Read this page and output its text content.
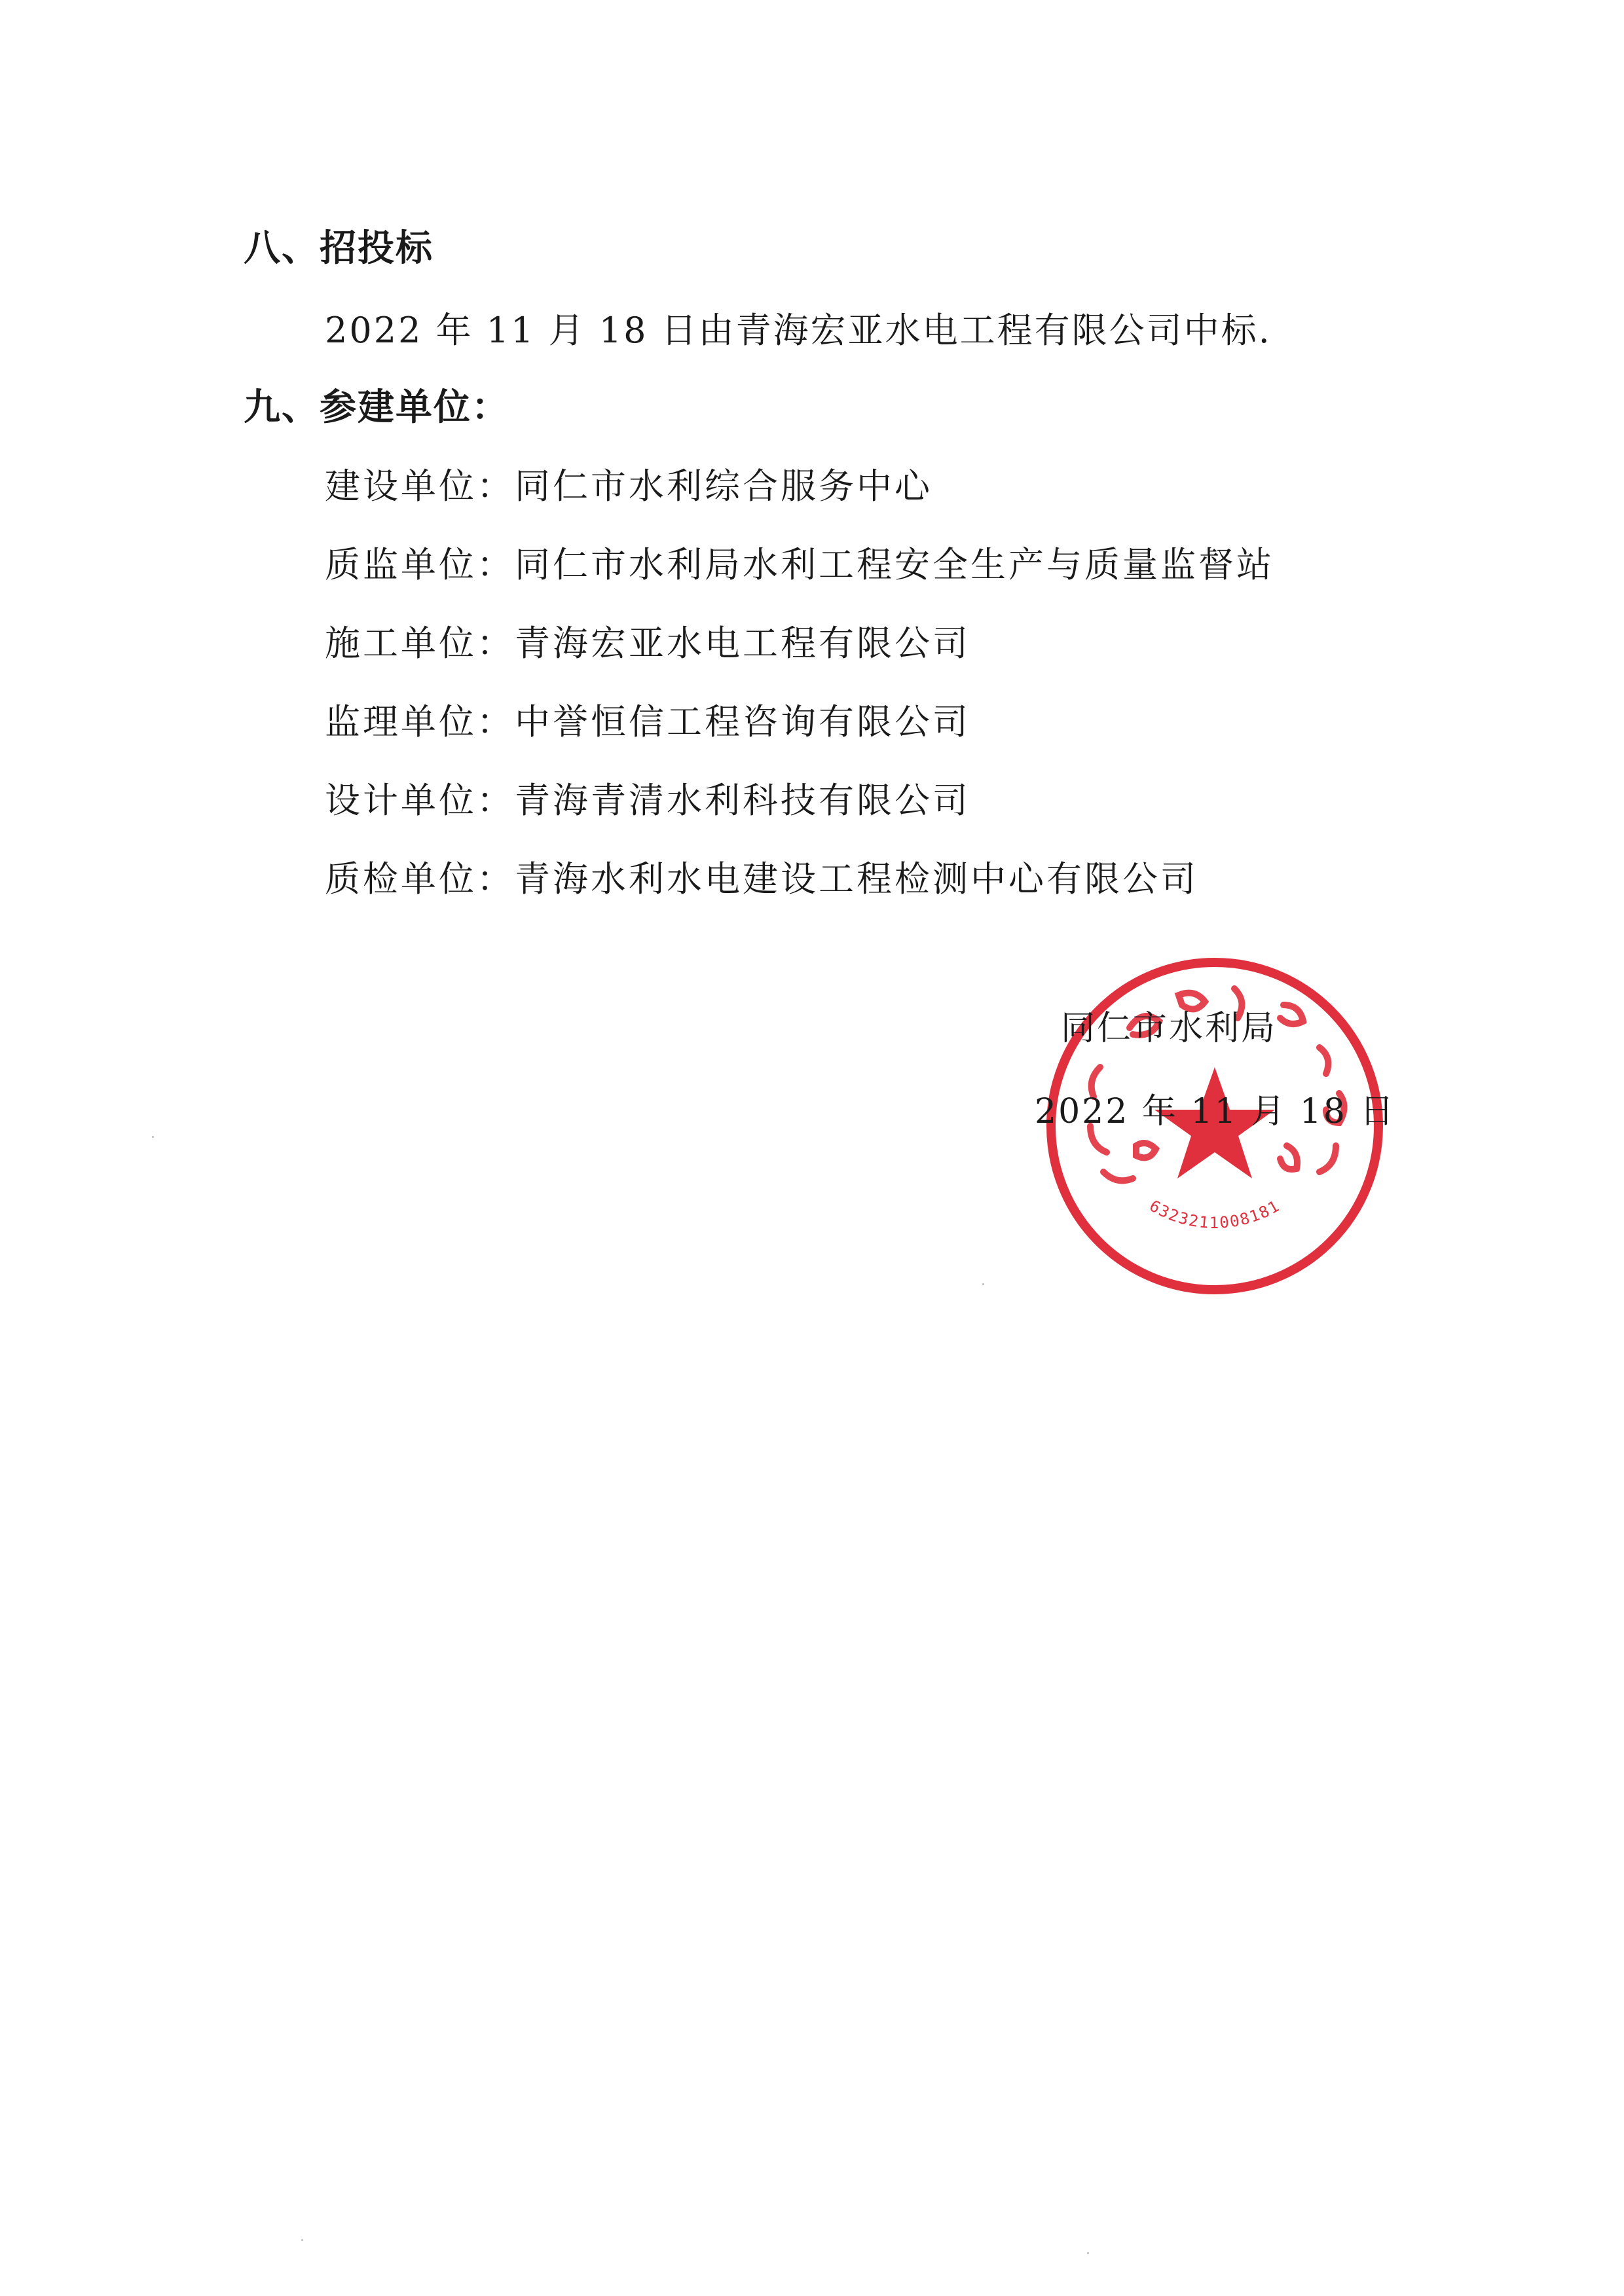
八、招投标
2022 年 11 月 18 日由青海宏亚水电工程有限公司中标.
九、参建单位：
建设单位：同仁市水利综合服务中心
质监单位：同仁市水利局水利工程安全生产与质量监督站
施工单位：青海宏亚水电工程有限公司
监理单位：中誉恒信工程咨询有限公司
设计单位：青海青清水利科技有限公司
质检单位：青海水利水电建设工程检测中心有限公司
6323211008181
同仁市水利局
2022 年 11 月 18 日
